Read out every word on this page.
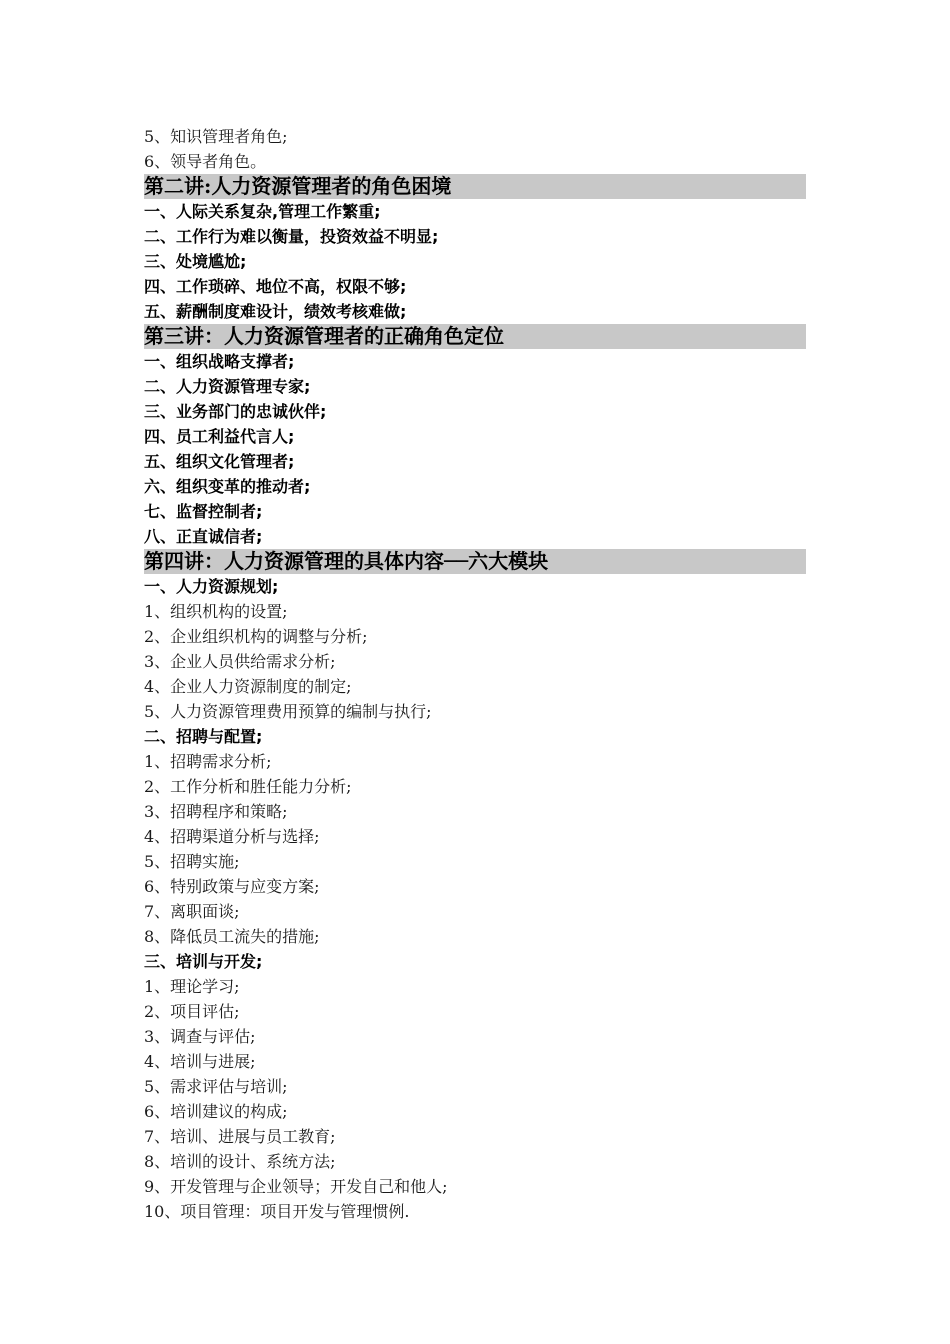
5、知识管理者角色;
6、领导者角色。
第二讲:人力资源管理者的角色困境
一、人际关系复杂,管理工作繁重;
二、工作行为难以衡量，投资效益不明显;
三、处境尴尬;
四、工作琐碎、地位不高，权限不够;
五、薪酬制度难设计，绩效考核难做;
第三讲：人力资源管理者的正确角色定位
一、组织战略支撑者;
二、人力资源管理专家;
三、业务部门的忠诚伙伴;
四、员工利益代言人;
五、组织文化管理者;
六、组织变革的推动者;
七、监督控制者;
八、正直诚信者;
第四讲：人力资源管理的具体内容──六大模块
一、人力资源规划;
1、组织机构的设置;
2、企业组织机构的调整与分析;
3、企业人员供给需求分析;
4、企业人力资源制度的制定;
5、人力资源管理费用预算的编制与执行;
二、招聘与配置;
1、招聘需求分析;
2、工作分析和胜任能力分析;
3、招聘程序和策略;
4、招聘渠道分析与选择;
5、招聘实施;
6、特别政策与应变方案;
7、离职面谈;
8、降低员工流失的措施;
三、培训与开发;
1、理论学习;
2、项目评估;
3、调查与评估;
4、培训与进展;
5、需求评估与培训;
6、培训建议的构成;
7、培训、进展与员工教育;
8、培训的设计、系统方法;
9、开发管理与企业领导；开发自己和他人;
10、项目管理：项目开发与管理惯例.
